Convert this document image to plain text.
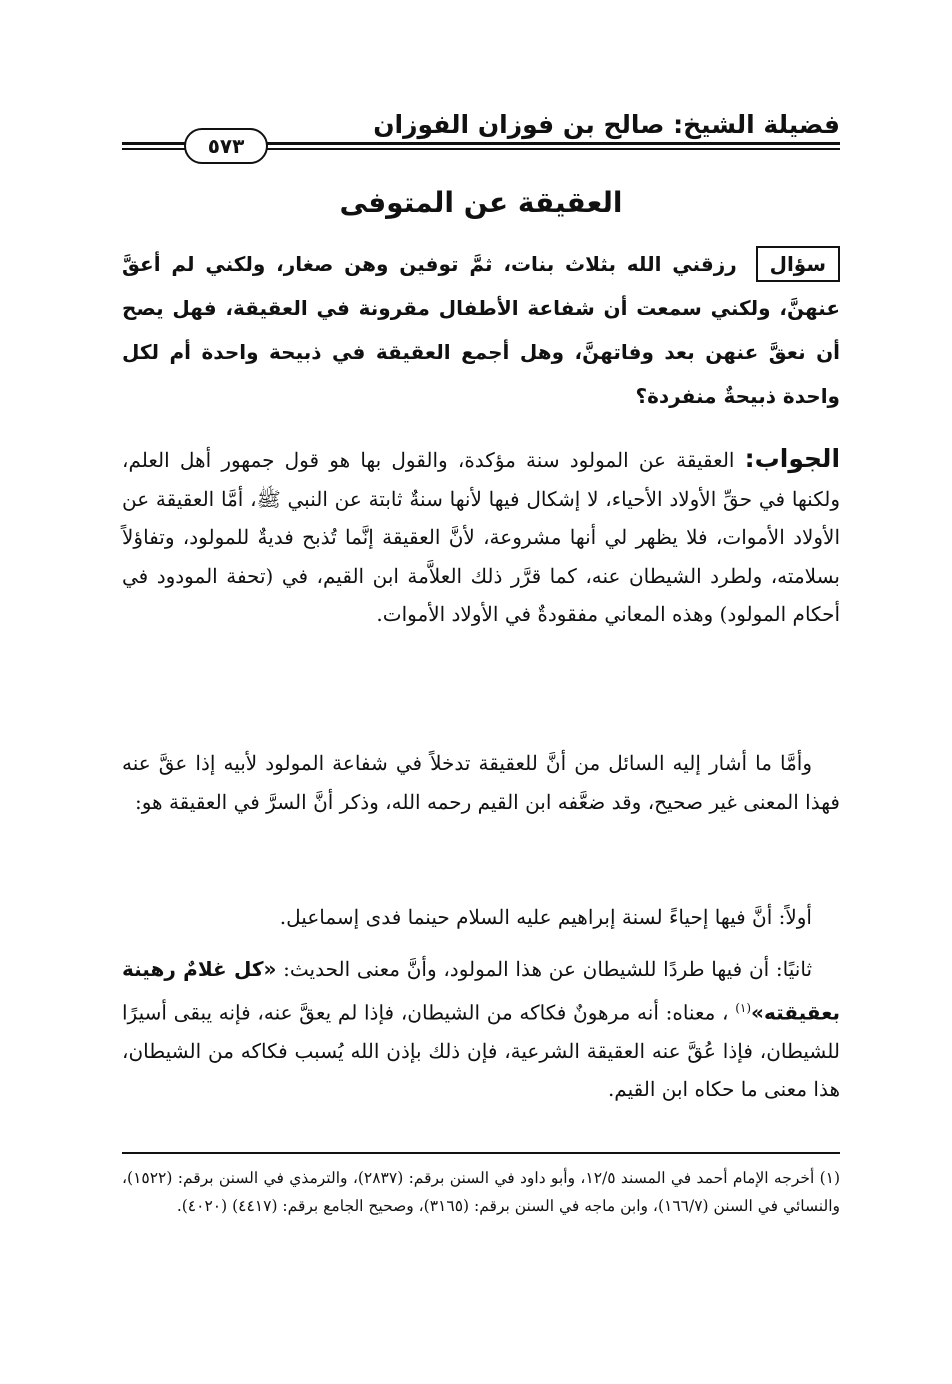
فضيلة الشيخ: صالح بن فوزان الفوزان
٥٧٣
العقيقة عن المتوفى
سؤال رزقني الله بثلاث بنات، ثمَّ توفين وهن صغار، ولكني لم أعقَّ عنهنَّ، ولكني سمعت أن شفاعة الأطفال مقرونة في العقيقة، فهل يصح أن نعقَّ عنهن بعد وفاتهنَّ، وهل أجمع العقيقة في ذبيحة واحدة أم لكل واحدة ذبيحةٌ منفردة؟
الجواب: العقيقة عن المولود سنة مؤكدة، والقول بها هو قول جمهور أهل العلم، ولكنها في حقِّ الأولاد الأحياء، لا إشكال فيها لأنها سنةٌ ثابتة عن النبي ﷺ، أمَّا العقيقة عن الأولاد الأموات، فلا يظهر لي أنها مشروعة، لأنَّ العقيقة إنَّما تُذبح فديةٌ للمولود، وتفاؤلاً بسلامته، ولطرد الشيطان عنه، كما قرَّر ذلك العلاَّمة ابن القيم، في (تحفة المودود في أحكام المولود) وهذه المعاني مفقودةٌ في الأولاد الأموات.
وأمَّا ما أشار إليه السائل من أنَّ للعقيقة تدخلاً في شفاعة المولود لأبيه إذا عقَّ عنه فهذا المعنى غير صحيح، وقد ضعَّفه ابن القيم رحمه الله، وذكر أنَّ السرَّ في العقيقة هو:
أولاً: أنَّ فيها إحياءً لسنة إبراهيم عليه السلام حينما فدى إسماعيل.
ثانيًا: أن فيها طردًا للشيطان عن هذا المولود، وأنَّ معنى الحديث: «كل غلامٌ رهينة بعقيقته»$^{(١)}$ ، معناه: أنه مرهونٌ فكاكه من الشيطان، فإذا لم يعقَّ عنه، فإنه يبقى أسيرًا للشيطان، فإذا عُقَّ عنه العقيقة الشرعية، فإن ذلك بإذن الله يُسبب فكاكه من الشيطان، هذا معنى ما حكاه ابن القيم.
(١) أخرجه الإمام أحمد في المسند ١٢/٥، وأبو داود في السنن برقم: (٢٨٣٧)، والترمذي في السنن برقم: (١٥٢٢)، والنسائي في السنن (١٦٦/٧)، وابن ماجه في السنن برقم: (٣١٦٥)، وصحيح الجامع برقم: (٤٤١٧) (٤٠٢٠).
